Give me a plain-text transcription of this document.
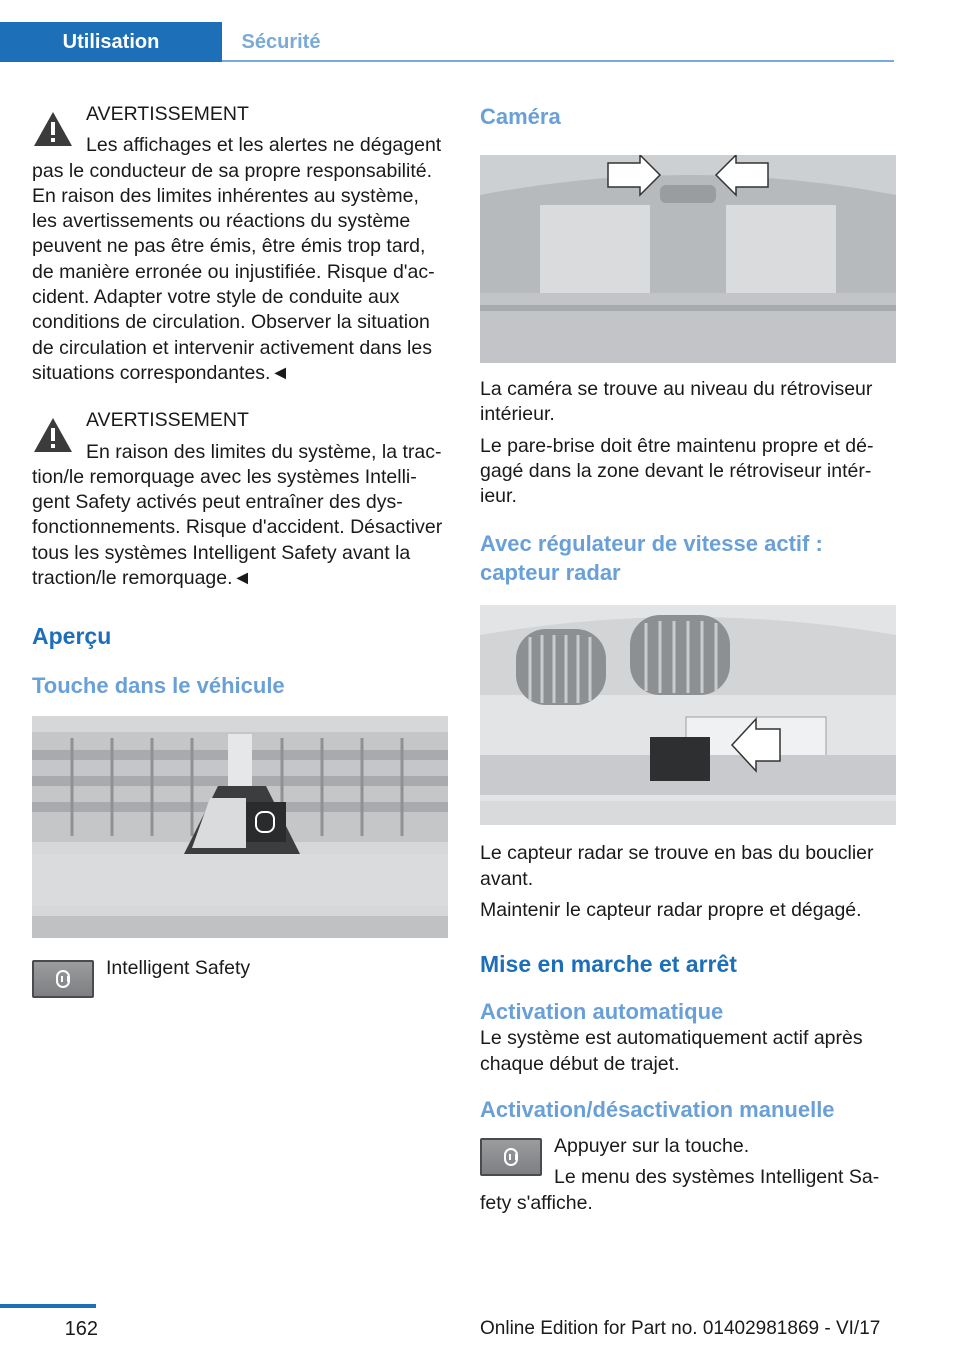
Utilisation	Sécurité

AVERTISSEMENT

Les affichages et les alertes ne dégagent pas le conducteur de sa propre responsabilité. En raison des limites inhérentes au système, les avertissements ou réactions du système peuvent ne pas être émis, être émis trop tard, de manière erronée ou injustifiée. Risque d'accident. Adapter votre style de conduite aux conditions de circulation. Observer la situation de circulation et intervenir activement dans les situations correspondantes.◄

AVERTISSEMENT

En raison des limites du système, la traction/le remorquage avec les systèmes Intelligent Safety activés peut entraîner des dysfonctionnements. Risque d'accident. Désactiver tous les systèmes Intelligent Safety avant la traction/le remorquage.◄

Aperçu
Touche dans le véhicule

Intelligent Safety

Caméra

La caméra se trouve au niveau du rétroviseur intérieur.

Le pare-brise doit être maintenu propre et dégagé dans la zone devant le rétroviseur intérieur.

Avec régulateur de vitesse actif : capteur radar

Le capteur radar se trouve en bas du bouclier avant.

Maintenir le capteur radar propre et dégagé.

Mise en marche et arrêt
Activation automatique

Le système est automatiquement actif après chaque début de trajet.

Activation/désactivation manuelle

Appuyer sur la touche.

Le menu des systèmes Intelligent Safety s'affiche.

162	Online Edition for Part no. 01402981869 - VI/17
